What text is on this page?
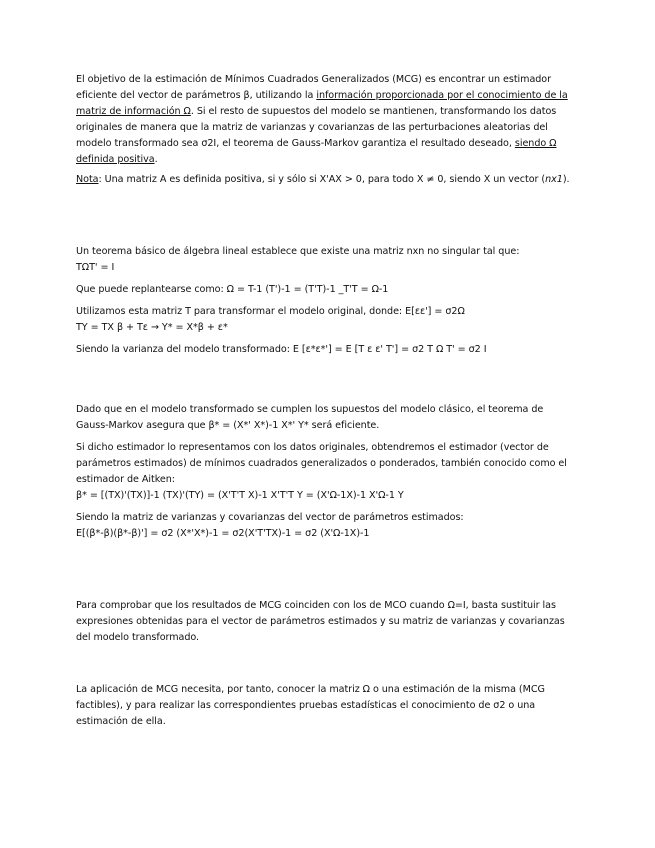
El objetivo de la estimación de Mínimos Cuadrados Generalizados (MCG) es encontrar un estimador eficiente del vector de parámetros β, utilizando la información proporcionada por el conocimiento de la matriz de información Ω. Si el resto de supuestos del modelo se mantienen, transformando los datos originales de manera que la matriz de varianzas y covarianzas de las perturbaciones aleatorias del modelo transformado sea σ2I, el teorema de Gauss-Markov garantiza el resultado deseado, siendo Ω definida positiva.

Nota: Una matriz A es definida positiva, si y sólo si X'AX > 0, para todo X ≠ 0, siendo X un vector (nx1).

Un teorema básico de álgebra lineal establece que existe una matriz nxn no singular tal que:
TΩT' = I

Que puede replantearse como: Ω = T-1 (T')-1 = (T'T)-1 _T'T = Ω-1

Utilizamos esta matriz T para transformar el modelo original, donde: E[εε'] = σ2Ω
TY = TX β + Tε → Y* = X*β + ε*

Siendo la varianza del modelo transformado: E [ε*ε*'] = E [T ε ε' T'] = σ2 T Ω T' = σ2 I

Dado que en el modelo transformado se cumplen los supuestos del modelo clásico, el teorema de Gauss-Markov asegura que β* = (X*' X*)-1 X*' Y* será eficiente.

Si dicho estimador lo representamos con los datos originales, obtendremos el estimador (vector de parámetros estimados) de mínimos cuadrados generalizados o ponderados, también conocido como el estimador de Aitken:
β* = [(TX)'(TX)]-1 (TX)'(TY) = (X'T'T X)-1 X'T'T Y = (X'Ω-1X)-1 X'Ω-1 Y

Siendo la matriz de varianzas y covarianzas del vector de parámetros estimados:
E[(β*-β)(β*-β)'] = σ2 (X*'X*)-1 = σ2(X'T'TX)-1 = σ2 (X'Ω-1X)-1

Para comprobar que los resultados de MCG coinciden con los de MCO cuando Ω=I, basta sustituir las expresiones obtenidas para el vector de parámetros estimados y su matriz de varianzas y covarianzas del modelo transformado.

La aplicación de MCG necesita, por tanto, conocer la matriz Ω o una estimación de la misma (MCG factibles), y para realizar las correspondientes pruebas estadísticas el conocimiento de σ2 o una estimación de ella.
